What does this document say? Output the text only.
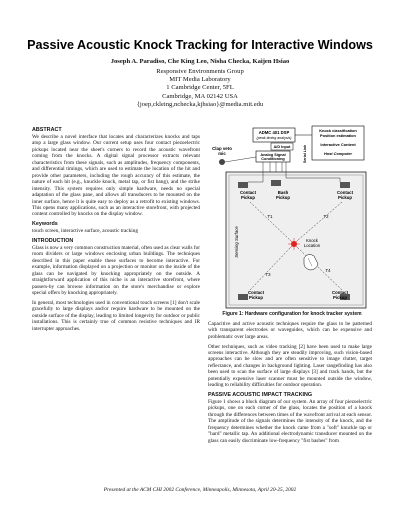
Passive Acoustic Knock Tracking for Interactive Windows
Joseph A. Paradiso, Che King Leo, Nisha Checka, Kaijen Hsiao
Responsive Environments Group
MIT Media Laboratory
1 Cambridge Center, 5FL
Cambridge, MA 02142 USA
{joep,ckleing,nchecka,kjhsiao}@media.mit.edu
ABSTRACT
We describe a novel interface that locates and characterizes knocks and taps atop a large glass window. Our current setup uses four contact piezoelectric pickups located near the sheet's corners to record the acoustic wavefront coming from the knocks. A digital signal processor extracts relevant characteristics from these signals, such as amplitudes, frequency components, and differential timings, which are used to estimate the location of the hit and provide other parameters, including the rough accuracy of this estimate, the nature of each hit (e.g., knuckle knock, metal tap, or fist bang), and the strike intensity. This system requires only simple hardware, needs no special adaptation of the glass pane, and allows all transducers to be mounted on the inner surface, hence it is quite easy to deploy as a retrofit to existing windows. This opens many applications, such as an interactive storefront, with projected content controlled by knocks on the display window.
Keywords
touch screen, interactive surface, acoustic tracking
INTRODUCTION
Glass is now a very common construction material, often used as clear walls for room dividers or large windows enclosing urban buildings. The techniques described in this paper enable these surfaces to become interactive. For example, information displayed on a projection or monitor on the inside of the glass can be navigated by knocking appropriately on the outside. A straightforward application of this niche is an interactive storefront, where passers-by can browse information on the store's merchandise or explore special offers by knocking appropriately.
In general, most technologies used in conventional touch screens [1] don't scale gracefully to large displays and/or require hardware to be mounted on the outside surface of the display, leading to limited longevity for outdoor or public installations. This is certainly true of common resistive techniques and IR interrupter approaches.
ADMC 401 DSP
(peak-timing analysis)
A/D Input
Analog Signal
Conditioning	Serial Link
Knock classification
Position estimation
Interactive Content
Host Computer
Clap veto
mic
Contact
Pickup
Contact
Pickup
Bash
Pickup
Contact
Pickup
Contact
Pickup
T1	T2
T3
T4
Knock
Location
Sensing Surface
Figure 1: Hardware configuration for knock tracker system
Capacitive and active acoustic techniques require the glass to be patterned with transparent electrodes or waveguides, which can be expensive and problematic over large areas.
Other techniques, such as video tracking [2] have been used to make large screens interactive. Although they are steadily improving, such vision-based approaches can be slow and are often sensitive to image clutter, target reflectance, and changes in background lighting. Laser rangefinding has also been used to scan the surface of large displays [3] and track hands, but the potentially expensive laser scanner must be mounted outside the window, leading to reliability difficulties for outdoor operation.
PASSIVE ACOUSTIC IMPACT TRACKING
Figure 1 shows a block diagram of our system. An array of four piezoelectric pickups, one on each corner of the glass, locates the position of a knock through the differences between times of the wavefront arrival at each sensor. The amplitude of the signals determines the intensity of the knock, and the frequency determines whether the knock came from a "soft" knuckle tap or "hard" metallic tap. An additional electrodynamic transducer mounted on the glass can easily discriminate low-frequency "fist bashes" from
Presented at the ACM CHI 2002 Conference, Minneapolis, Minnesota, April 20-25, 2002
